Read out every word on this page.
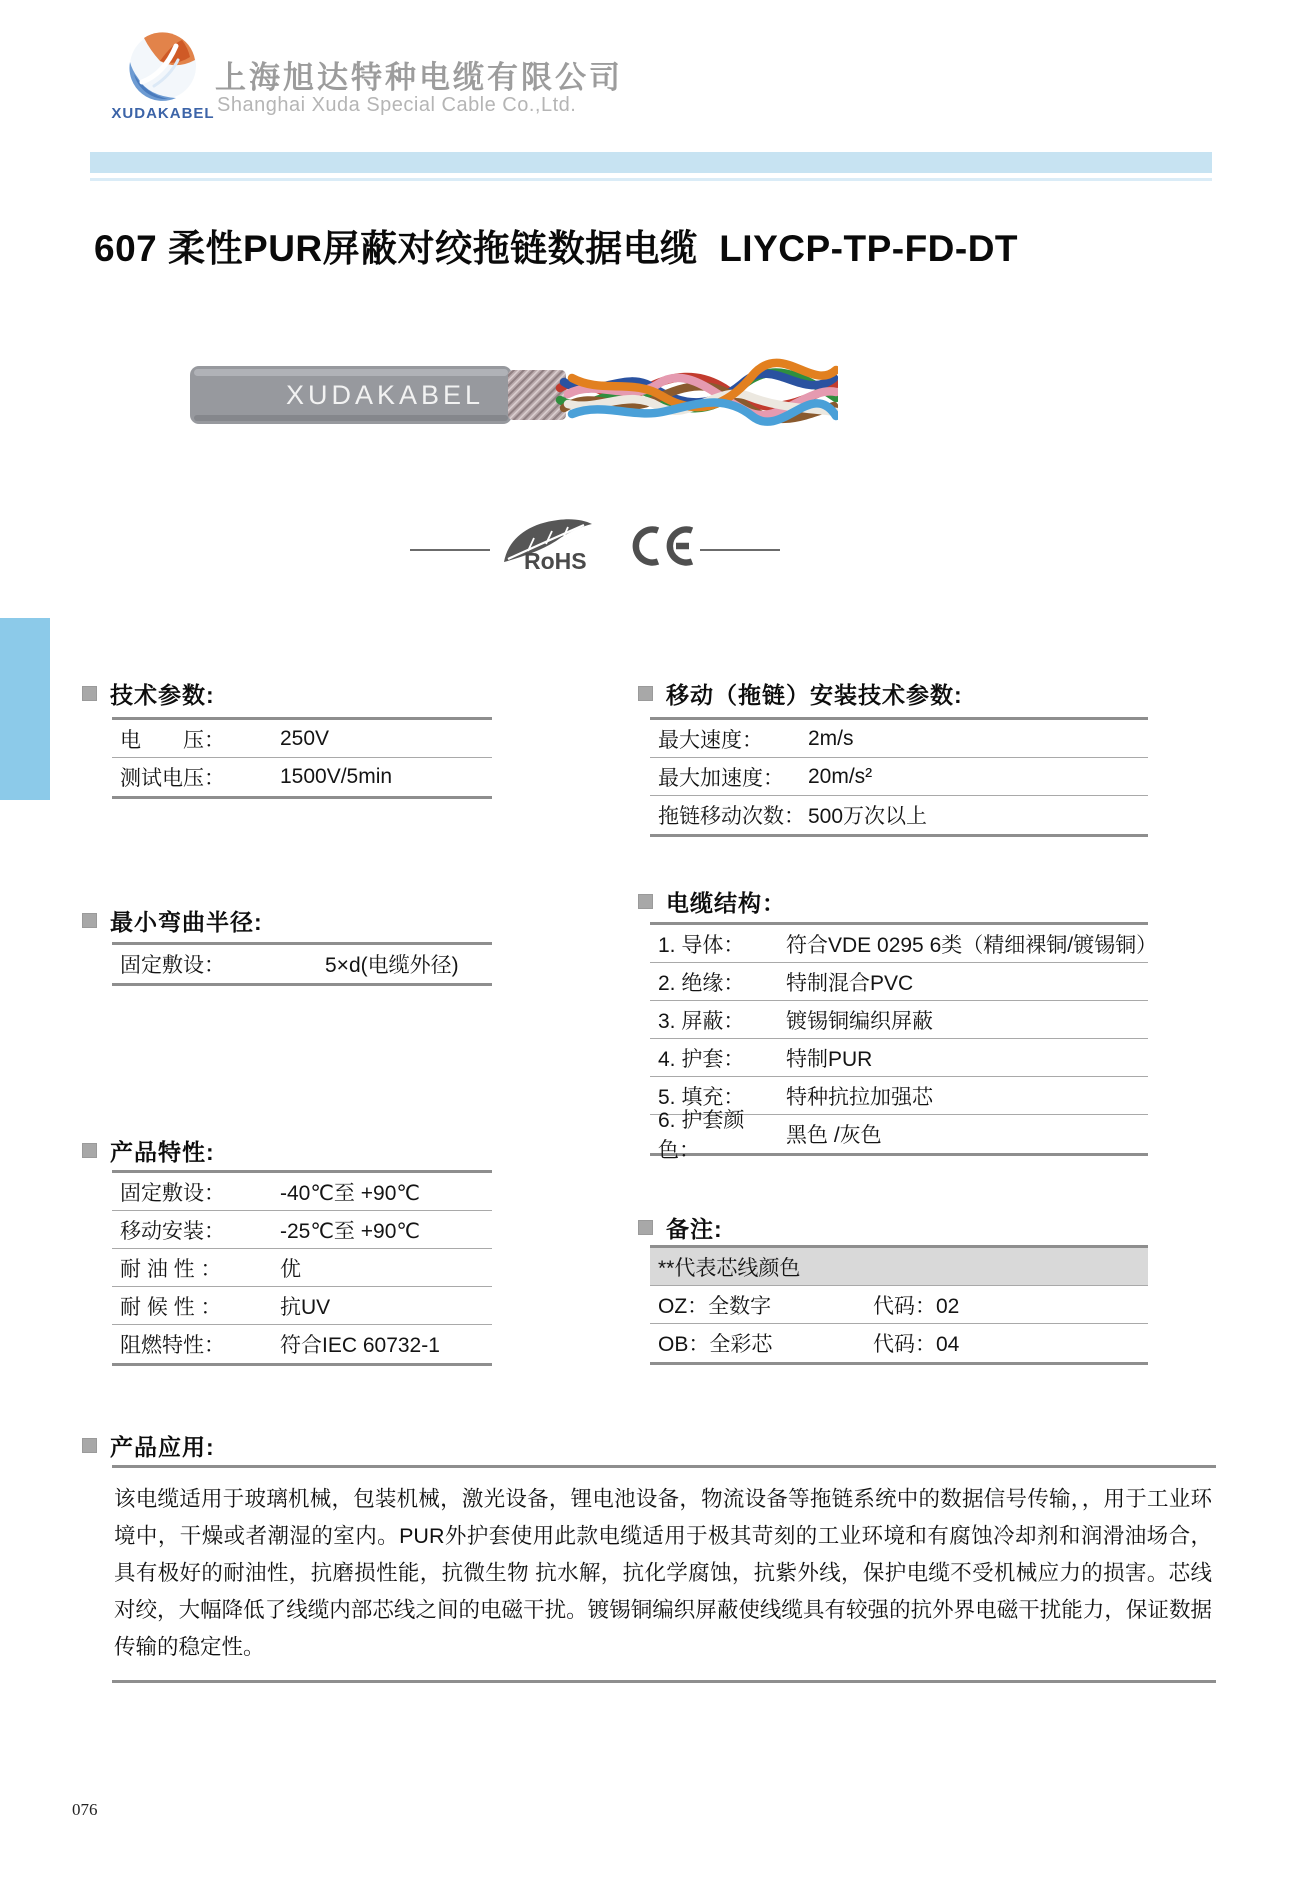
XUDAKABEL
上海旭达特种电缆有限公司
Shanghai Xuda Special Cable Co.,Ltd.
607 柔性PUR屏蔽对绞拖链数据电缆  LIYCP-TP-FD-DT
XUDAKABEL
RoHS
技术参数:
电　　压：	250V
测试电压：	1500V/5min
移动（拖链）安装技术参数:
最大速度：	2m/s
最大加速度：	20m/s²
拖链移动次数： 500万次以上
最小弯曲半径:
固定敷设：	5×d(电缆外径)
电缆结构：
1. 导体：	符合VDE 0295 6类（精细裸铜/镀锡铜）
2. 绝缘：	特制混合PVC
3. 屏蔽：	镀锡铜编织屏蔽
4. 护套：	特制PUR
5. 填充：	特种抗拉加强芯
6. 护套颜色：
黑色 /灰色
产品特性:
固定敷设：	-40℃至 +90℃
移动安装：	-25℃至 +90℃
耐 油 性 ：	优
耐 候 性 ：	抗UV
阻燃特性：	符合IEC 60732-1
备注:
**代表芯线颜色
OZ：全数字	代码：02
OB：全彩芯	代码：04
产品应用:

该电缆适用于玻璃机械，包装机械，激光设备，锂电池设备，物流设备等拖链系统中的数据信号传输，，用于工业环境中，干燥或者潮湿的室内。PUR外护套使用此款电缆适用于极其苛刻的工业环境和有腐蚀冷却剂和润滑油场合，具有极好的耐油性，抗磨损性能，抗微生物 抗水解，抗化学腐蚀，抗紫外线，保护电缆不受机械应力的损害。芯线对绞，大幅降低了线缆内部芯线之间的电磁干扰。镀锡铜编织屏蔽使线缆具有较强的抗外界电磁干扰能力，保证数据传输的稳定性。

076
